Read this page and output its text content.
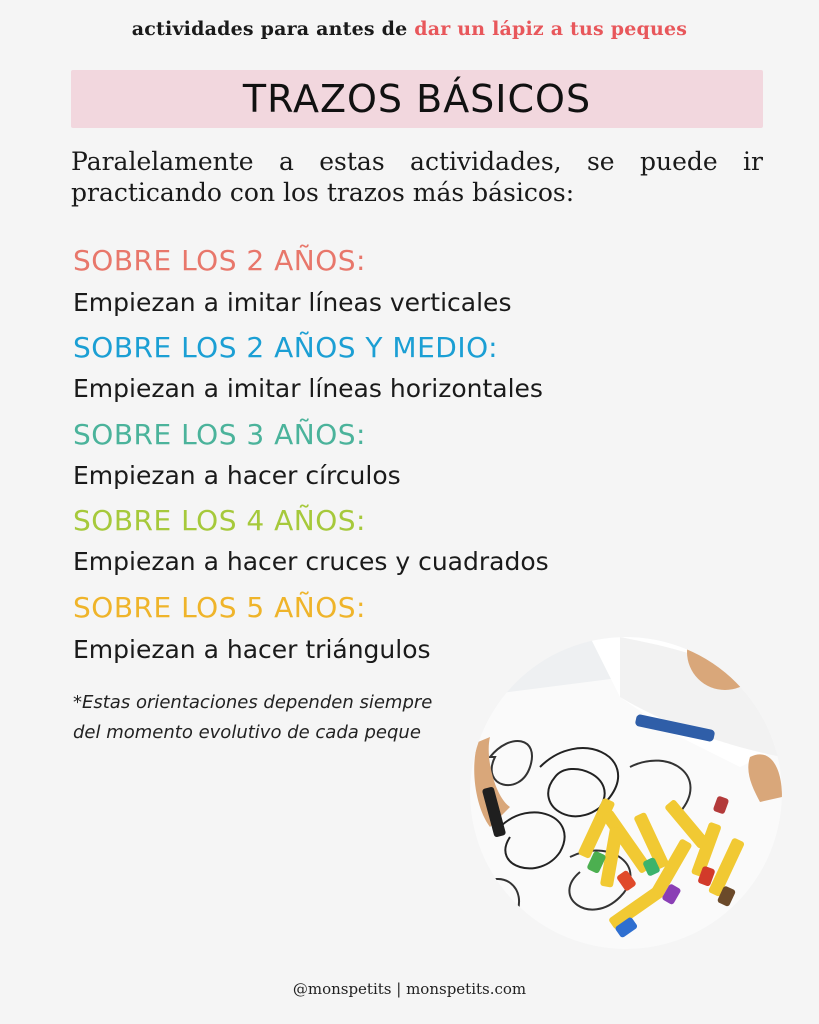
actividades para antes de dar un lápiz a tus peques
TRAZOS BÁSICOS

Paralelamente a estas actividades, se puede ir practicando con los trazos más básicos:

SOBRE LOS 2 AÑOS:

Empiezan a imitar líneas verticales

SOBRE LOS 2 AÑOS Y MEDIO:

Empiezan a imitar líneas horizontales

SOBRE LOS 3 AÑOS:

Empiezan a hacer círculos

SOBRE LOS 4 AÑOS:

Empiezan a hacer cruces y cuadrados

SOBRE LOS 5 AÑOS:

Empiezan a hacer triángulos

*Estas orientaciones dependen siempre del momento evolutivo de cada peque

@monspetits | monspetits.com
